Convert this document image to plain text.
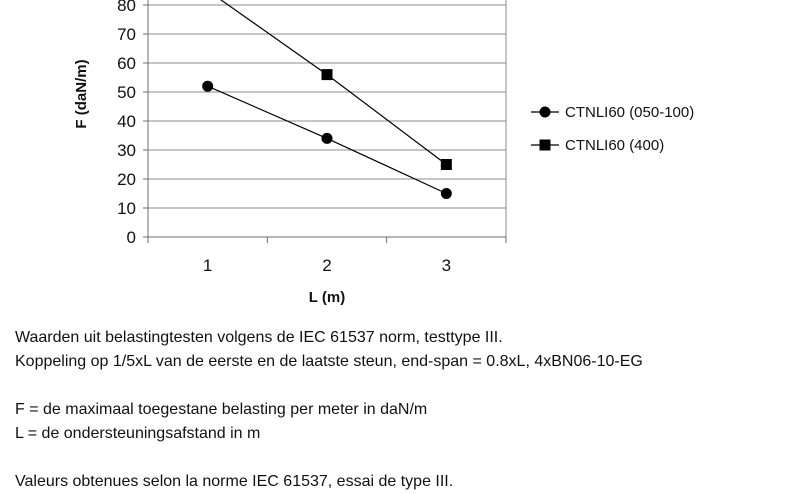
0
10
20
30
40
50
60
70
80
1	2	3
F (daN/m)
L (m)
CTNLI60 (050-100)
CTNLI60 (400)

Waarden uit belastingtesten volgens de IEC 61537 norm, testtype III.

Koppeling op 1/5xL van de eerste en de laatste steun, end-span = 0.8xL, 4xBN06-10-EG

F = de maximaal toegestane belasting per meter in daN/m

L = de ondersteuningsafstand in m

Valeurs obtenues selon la norme IEC 61537, essai de type III.
